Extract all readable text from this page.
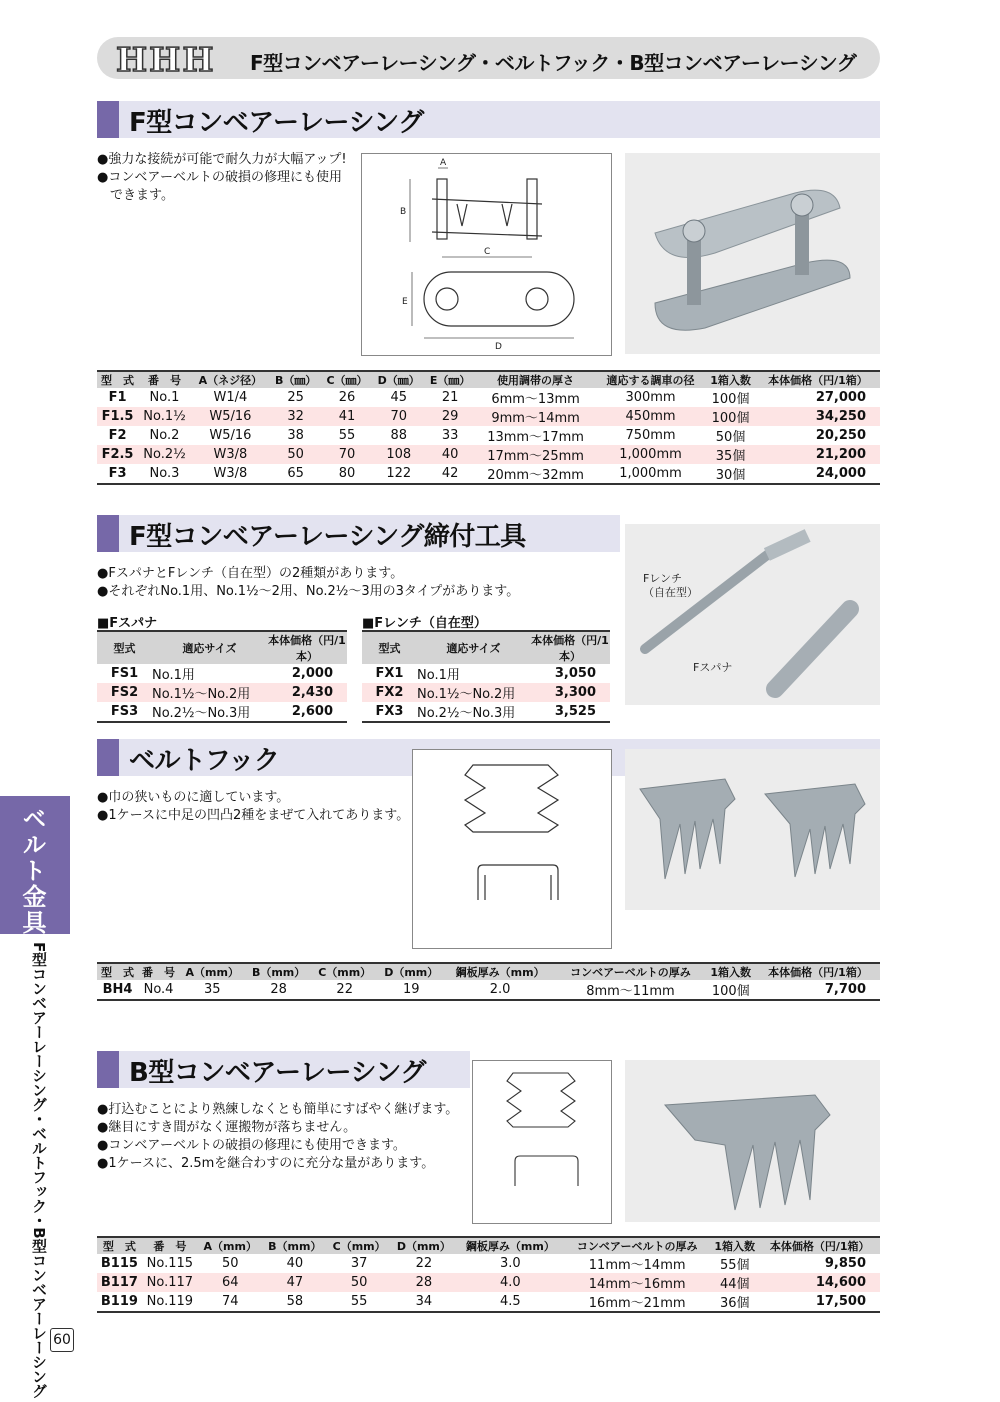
HHH F型コンベアーレーシング・ベルトフック・B型コンベアーレーシング
F型コンベアーレーシング
●強力な接続が可能で耐久力が大幅アップ!
●コンベアーベルトの破損の修理にも使用
　できます。
A
B
C
E
D
型　式	番　号	A（ネジ径）	B（㎜）	C（㎜）	D（㎜）	E（㎜）	使用調帯の厚さ	適応する調車の径	1箱入数	本体価格（円/1箱）
F1	No.1	W1/4	25	26	45	21	6mm～13mm	300mm	100個	27,000
F1.5	No.1½	W5/16	32	41	70	29	9mm～14mm	450mm	100個	34,250
F2	No.2	W5/16	38	55	88	33	13mm～17mm	750mm	50個	20,250
F2.5	No.2½	W3/8	50	70	108	40	17mm～25mm	1,000mm	35個	21,200
F3	No.3	W3/8	65	80	122	42	20mm～32mm	1,000mm	30個	24,000
F型コンベアーレーシング締付工具
●FスパナとFレンチ（自在型）の2種類があります。
●それぞれNo.1用、No.1½～2用、No.2½～3用の3タイプがあります。
■Fスパナ	■Fレンチ（自在型）
型式	適応サイズ	本体価格（円/1本）
FS1	No.1用	2,000
FS2	No.1½～No.2用	2,430
FS3	No.2½～No.3用	2,600
型式	適応サイズ	本体価格（円/1本）
FX1	No.1用	3,050
FX2	No.1½～No.2用	3,300
FX3	No.2½～No.3用	3,525
Fレンチ
（自在型）
Fスパナ
ベルトフック
●巾の狭いものに適しています。
●1ケースに中足の凹凸2種をまぜて入れてあります。
型　式	番　号	A（mm）	B（mm）	C（mm）	D（mm）	鋼板厚み（mm）	コンベアーベルトの厚み	1箱入数	本体価格（円/1箱）
BH4	No.4	35	28	22	19	2.0	8mm～11mm	100個	7,700
B型コンベアーレーシング
●打込むことにより熟練しなくとも簡単にすばやく継げます。
●継目にすき間がなく運搬物が落ちません。
●コンベアーベルトの破損の修理にも使用できます。
●1ケースに、2.5mを継合わすのに充分な量があります。
型　式	番　号	A（mm）	B（mm）	C（mm）	D（mm）	鋼板厚み（mm）	コンベアーベルトの厚み	1箱入数	本体価格（円/1箱）
B115	No.115	50	40	37	22	3.0	11mm～14mm	55個	9,850
B117	No.117	64	47	50	28	4.0	14mm～16mm	44個	14,600
B119	No.119	74	58	55	34	4.5	16mm～21mm	36個	17,500
ベルト金具
F型コンベアーレーシング・ベルトフック・B型コンベアーレーシング 60
